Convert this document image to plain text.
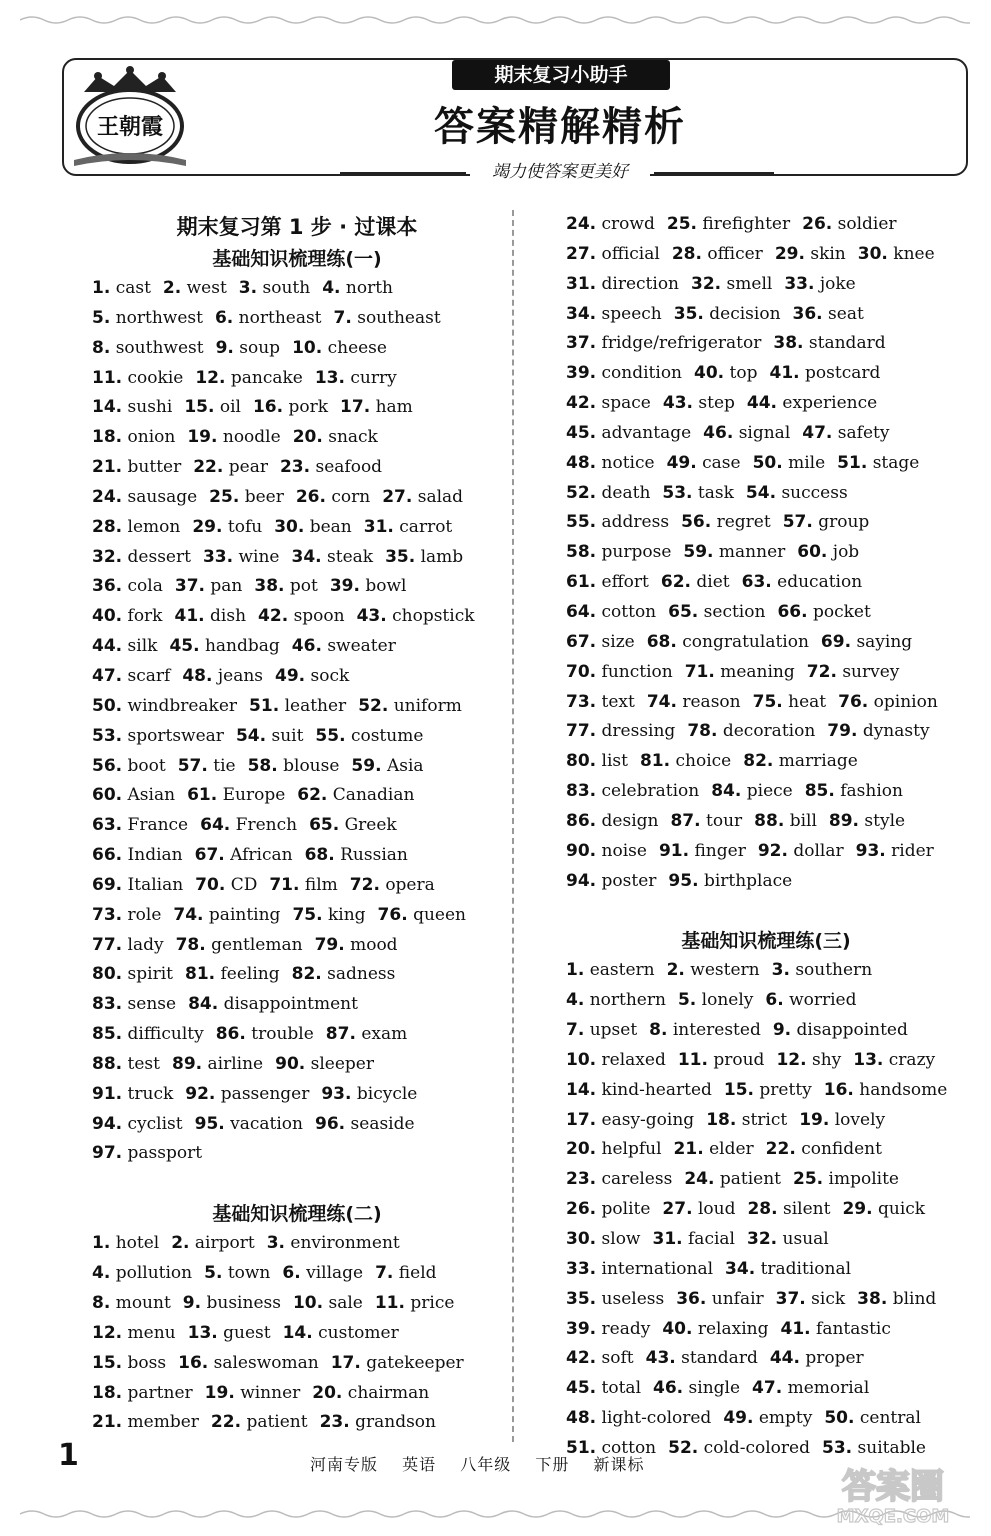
王朝霞
期末复习小助手
答案精解精析
竭力使答案更美好
期末复习第 1 步 · 过课本
基础知识梳理练(一)
1. cast 2. west 3. south 4. north
5. northwest 6. northeast 7. southeast
8. southwest 9. soup 10. cheese
11. cookie 12. pancake 13. curry
14. sushi 15. oil 16. pork 17. ham
18. onion 19. noodle 20. snack
21. butter 22. pear 23. seafood
24. sausage 25. beer 26. corn 27. salad
28. lemon 29. tofu 30. bean 31. carrot
32. dessert 33. wine 34. steak 35. lamb
36. cola 37. pan 38. pot 39. bowl
40. fork 41. dish 42. spoon 43. chopstick
44. silk 45. handbag 46. sweater
47. scarf 48. jeans 49. sock
50. windbreaker 51. leather 52. uniform
53. sportswear 54. suit 55. costume
56. boot 57. tie 58. blouse 59. Asia
60. Asian 61. Europe 62. Canadian
63. France 64. French 65. Greek
66. Indian 67. African 68. Russian
69. Italian 70. CD 71. film 72. opera
73. role 74. painting 75. king 76. queen
77. lady 78. gentleman 79. mood
80. spirit 81. feeling 82. sadness
83. sense 84. disappointment
85. difficulty 86. trouble 87. exam
88. test 89. airline 90. sleeper
91. truck 92. passenger 93. bicycle
94. cyclist 95. vacation 96. seaside
97. passport
基础知识梳理练(二)
1. hotel 2. airport 3. environment
4. pollution 5. town 6. village 7. field
8. mount 9. business 10. sale 11. price
12. menu 13. guest 14. customer
15. boss 16. saleswoman 17. gatekeeper
18. partner 19. winner 20. chairman
21. member 22. patient 23. grandson
24. crowd 25. firefighter 26. soldier
27. official 28. officer 29. skin 30. knee
31. direction 32. smell 33. joke
34. speech 35. decision 36. seat
37. fridge/refrigerator 38. standard
39. condition 40. top 41. postcard
42. space 43. step 44. experience
45. advantage 46. signal 47. safety
48. notice 49. case 50. mile 51. stage
52. death 53. task 54. success
55. address 56. regret 57. group
58. purpose 59. manner 60. job
61. effort 62. diet 63. education
64. cotton 65. section 66. pocket
67. size 68. congratulation 69. saying
70. function 71. meaning 72. survey
73. text 74. reason 75. heat 76. opinion
77. dressing 78. decoration 79. dynasty
80. list 81. choice 82. marriage
83. celebration 84. piece 85. fashion
86. design 87. tour 88. bill 89. style
90. noise 91. finger 92. dollar 93. rider
94. poster 95. birthplace
基础知识梳理练(三)
1. eastern 2. western 3. southern
4. northern 5. lonely 6. worried
7. upset 8. interested 9. disappointed
10. relaxed 11. proud 12. shy 13. crazy
14. kind-hearted 15. pretty 16. handsome
17. easy-going 18. strict 19. lovely
20. helpful 21. elder 22. confident
23. careless 24. patient 25. impolite
26. polite 27. loud 28. silent 29. quick
30. slow 31. facial 32. usual
33. international 34. traditional
35. useless 36. unfair 37. sick 38. blind
39. ready 40. relaxing 41. fantastic
42. soft 43. standard 44. proper
45. total 46. single 47. memorial
48. light-colored 49. empty 50. central
51. cotton 52. cold-colored 53. suitable
1	河南专版 英语 八年级 下册 新课标
答案圈
MXQE.COM
